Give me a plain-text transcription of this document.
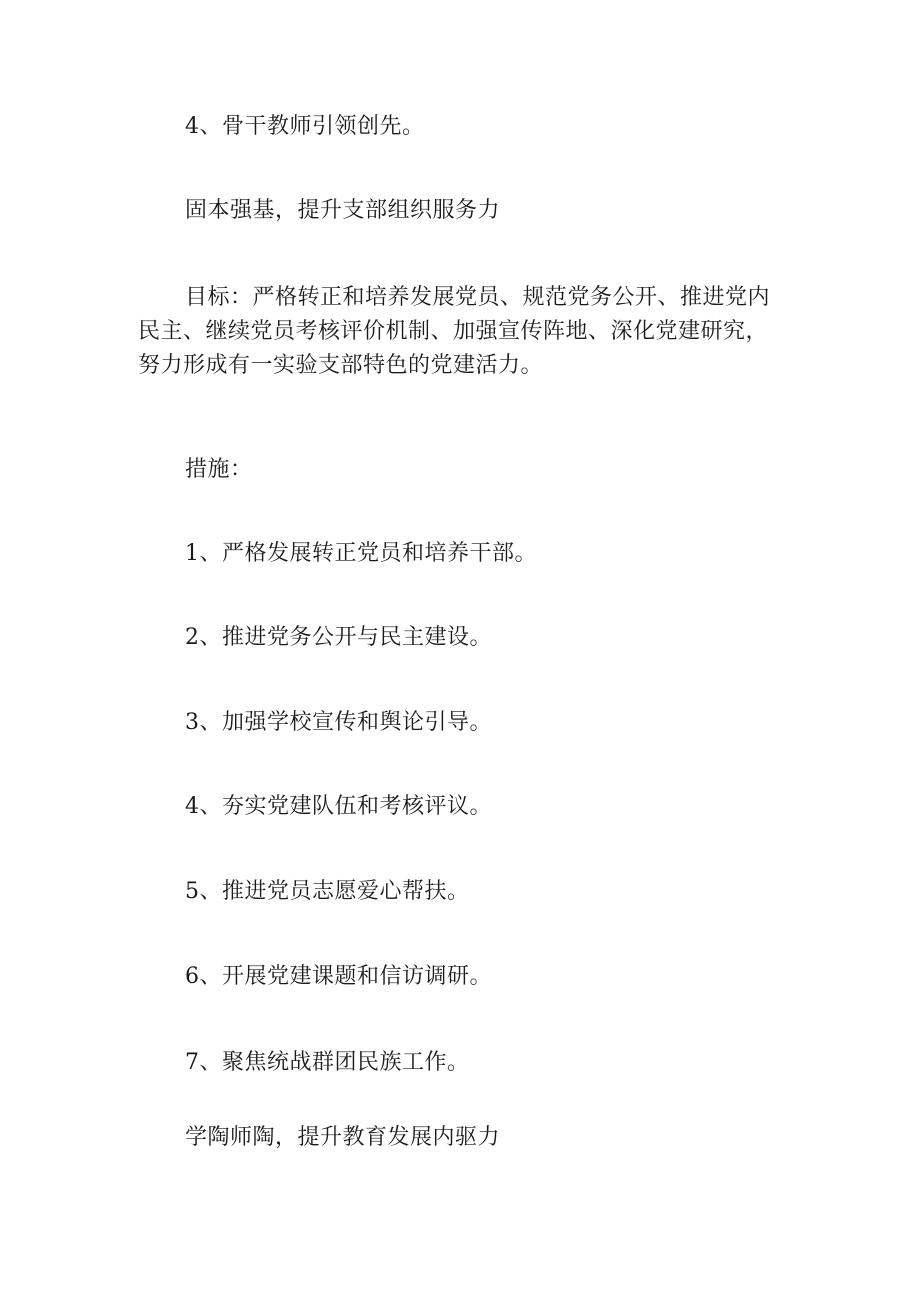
4、骨干教师引领创先。
固本强基，提升支部组织服务力
目标：严格转正和培养发展党员、规范党务公开、推进党内
民主、继续党员考核评价机制、加强宣传阵地、深化党建研究，
努力形成有一实验支部特色的党建活力。
措施：
1、严格发展转正党员和培养干部。
2、推进党务公开与民主建设。
3、加强学校宣传和舆论引导。
4、夯实党建队伍和考核评议。
5、推进党员志愿爱心帮扶。
6、开展党建课题和信访调研。
7、聚焦统战群团民族工作。
学陶师陶，提升教育发展内驱力
